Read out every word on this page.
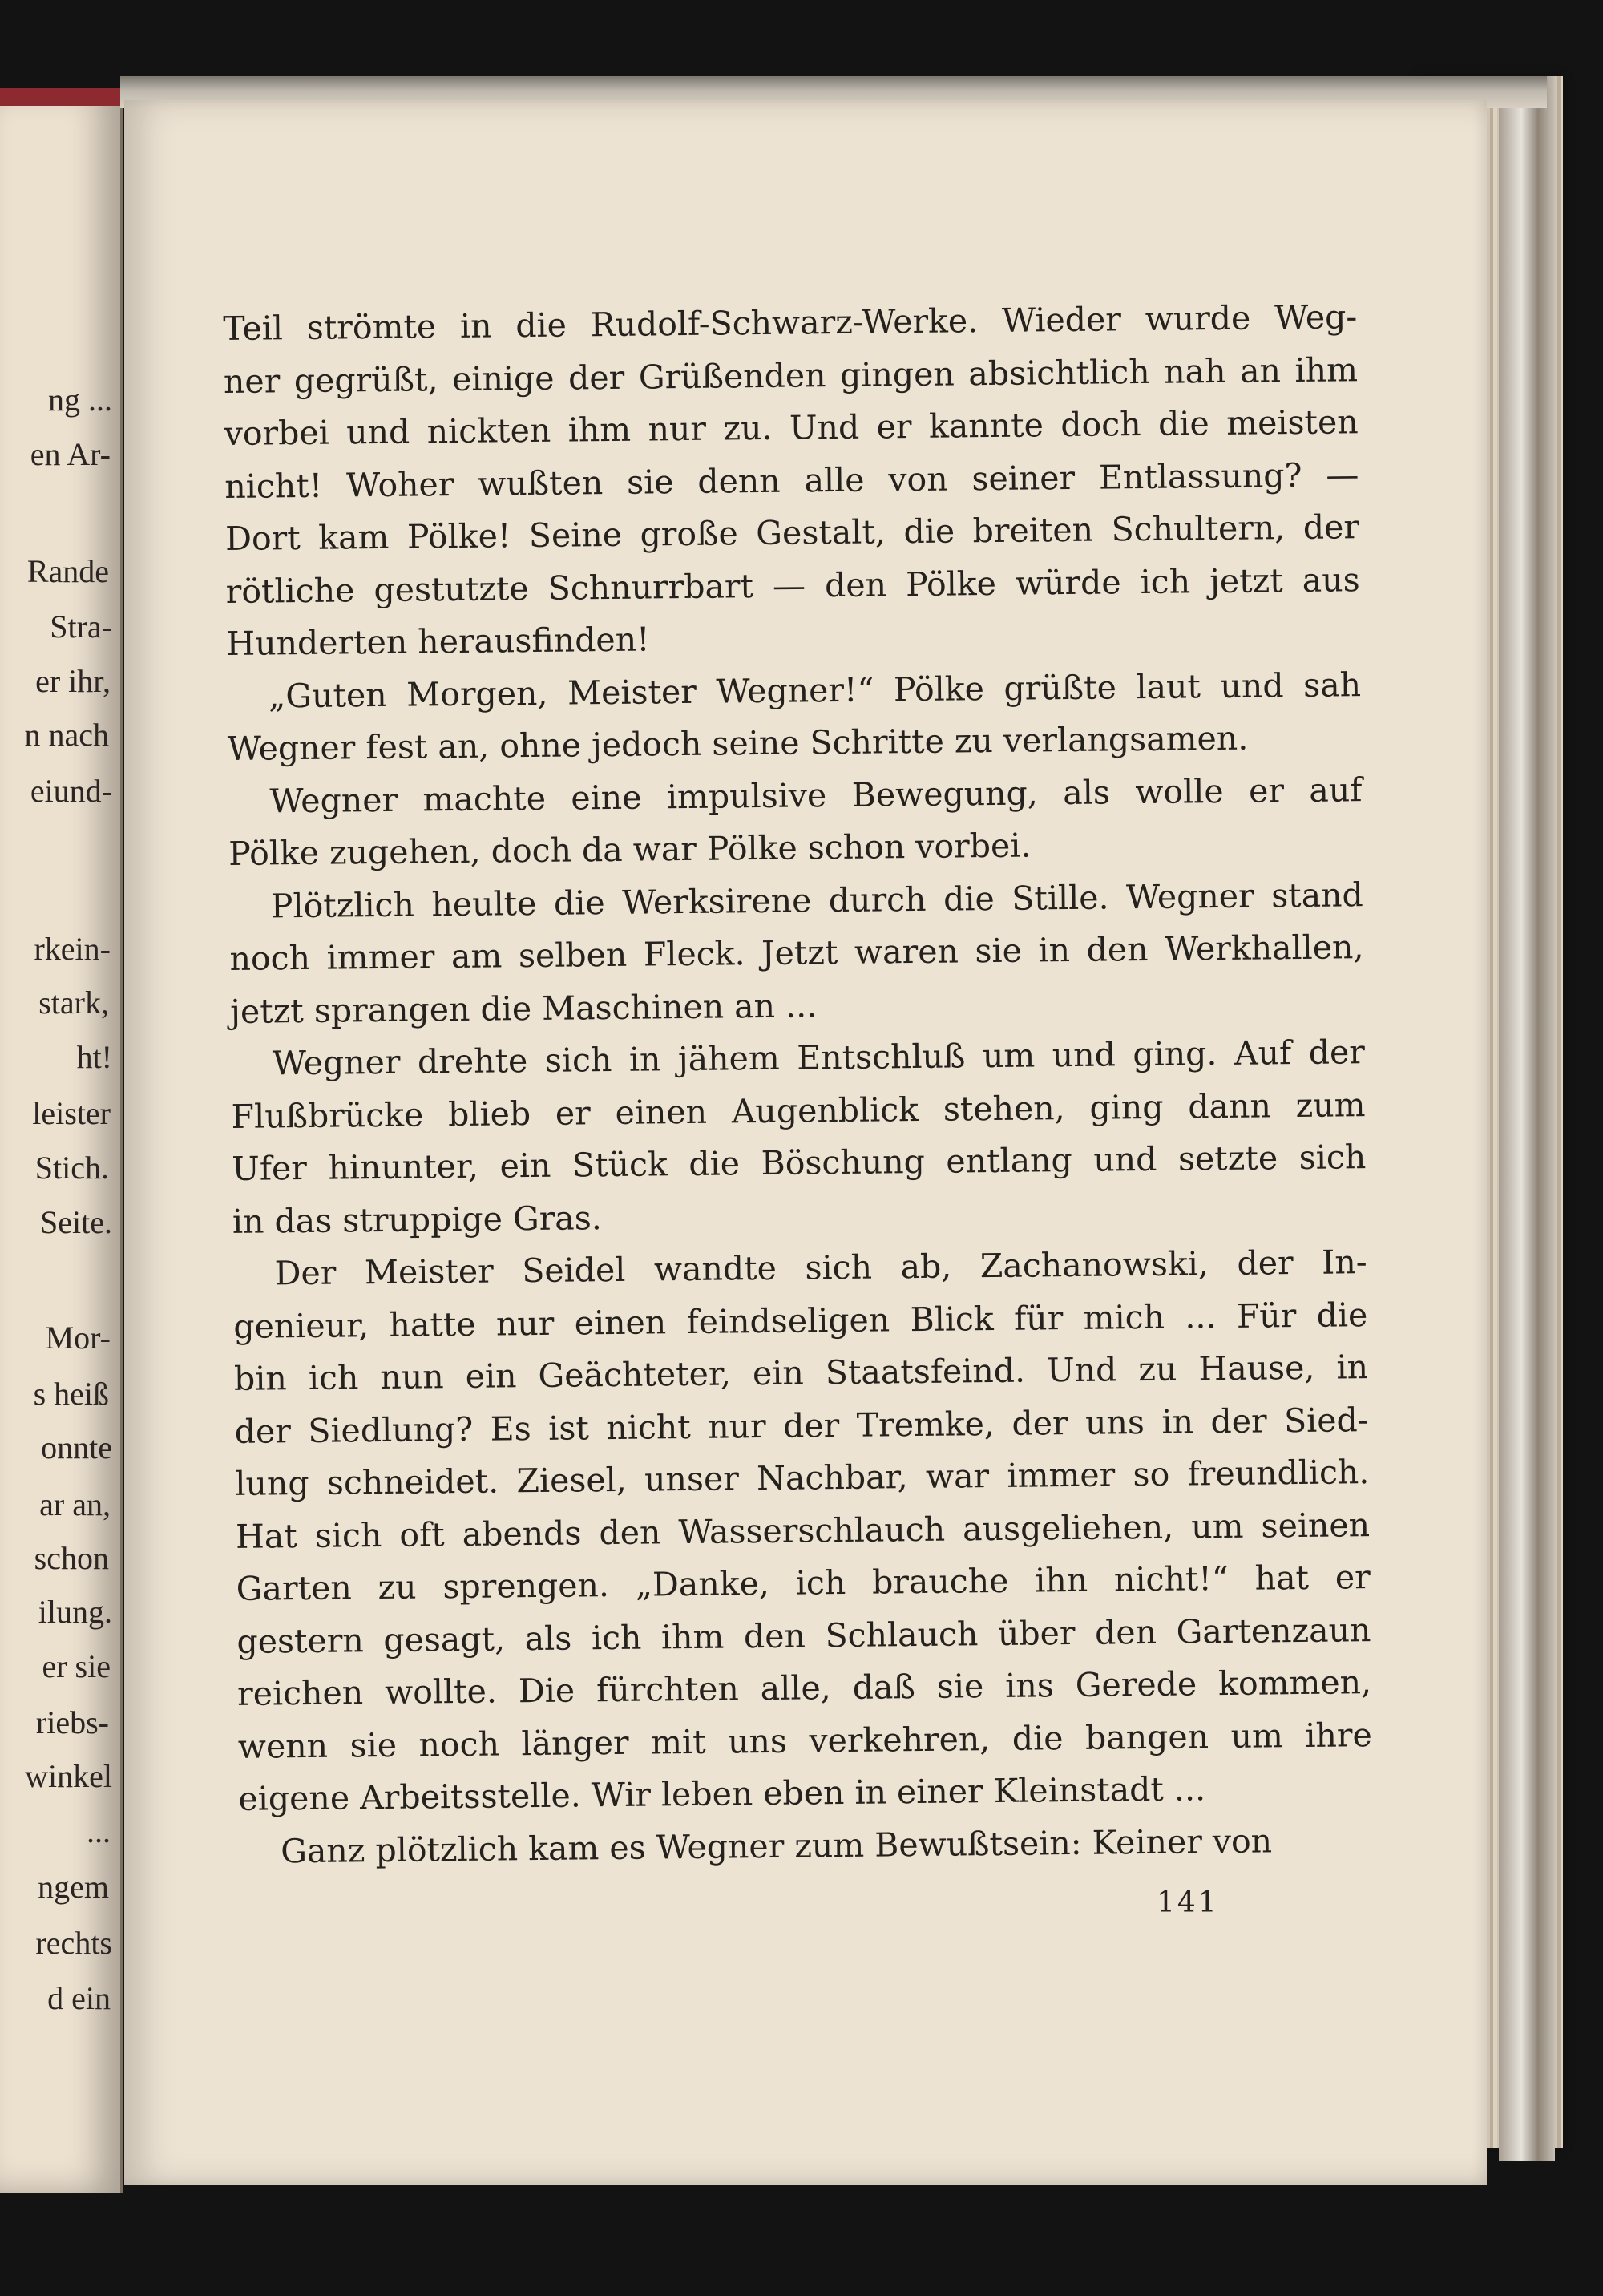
ng ...
en Ar-
Rande
Stra-
er ihr,
n nach
eiund-
rkein-
stark,
ht!
leister
Stich.
Seite.
Mor-
s heiß
onnte
ar an,
schon
ilung.
er sie
riebs-
winkel
...
ngem
rechts
d ein
Teil strömte in die Rudolf-Schwarz-Werke. Wieder wurde Weg-
ner gegrüßt, einige der Grüßenden gingen absichtlich nah an ihm
vorbei und nickten ihm nur zu. Und er kannte doch die meisten
nicht! Woher wußten sie denn alle von seiner Entlassung? —
Dort kam Pölke! Seine große Gestalt, die breiten Schultern, der
rötliche gestutzte Schnurrbart — den Pölke würde ich jetzt aus
Hunderten herausfinden!
„Guten Morgen, Meister Wegner!“ Pölke grüßte laut und sah
Wegner fest an, ohne jedoch seine Schritte zu verlangsamen.
Wegner machte eine impulsive Bewegung, als wolle er auf
Pölke zugehen, doch da war Pölke schon vorbei.
Plötzlich heulte die Werksirene durch die Stille. Wegner stand
noch immer am selben Fleck. Jetzt waren sie in den Werkhallen,
jetzt sprangen die Maschinen an ...
Wegner drehte sich in jähem Entschluß um und ging. Auf der
Flußbrücke blieb er einen Augenblick stehen, ging dann zum
Ufer hinunter, ein Stück die Böschung entlang und setzte sich
in das struppige Gras.
Der Meister Seidel wandte sich ab, Zachanowski, der In-
genieur, hatte nur einen feindseligen Blick für mich ... Für die
bin ich nun ein Geächteter, ein Staatsfeind. Und zu Hause, in
der Siedlung? Es ist nicht nur der Tremke, der uns in der Sied-
lung schneidet. Ziesel, unser Nachbar, war immer so freundlich.
Hat sich oft abends den Wasserschlauch ausgeliehen, um seinen
Garten zu sprengen. „Danke, ich brauche ihn nicht!“ hat er
gestern gesagt, als ich ihm den Schlauch über den Gartenzaun
reichen wollte. Die fürchten alle, daß sie ins Gerede kommen,
wenn sie noch länger mit uns verkehren, die bangen um ihre
eigene Arbeitsstelle. Wir leben eben in einer Kleinstadt ...
Ganz plötzlich kam es Wegner zum Bewußtsein: Keiner von
141
